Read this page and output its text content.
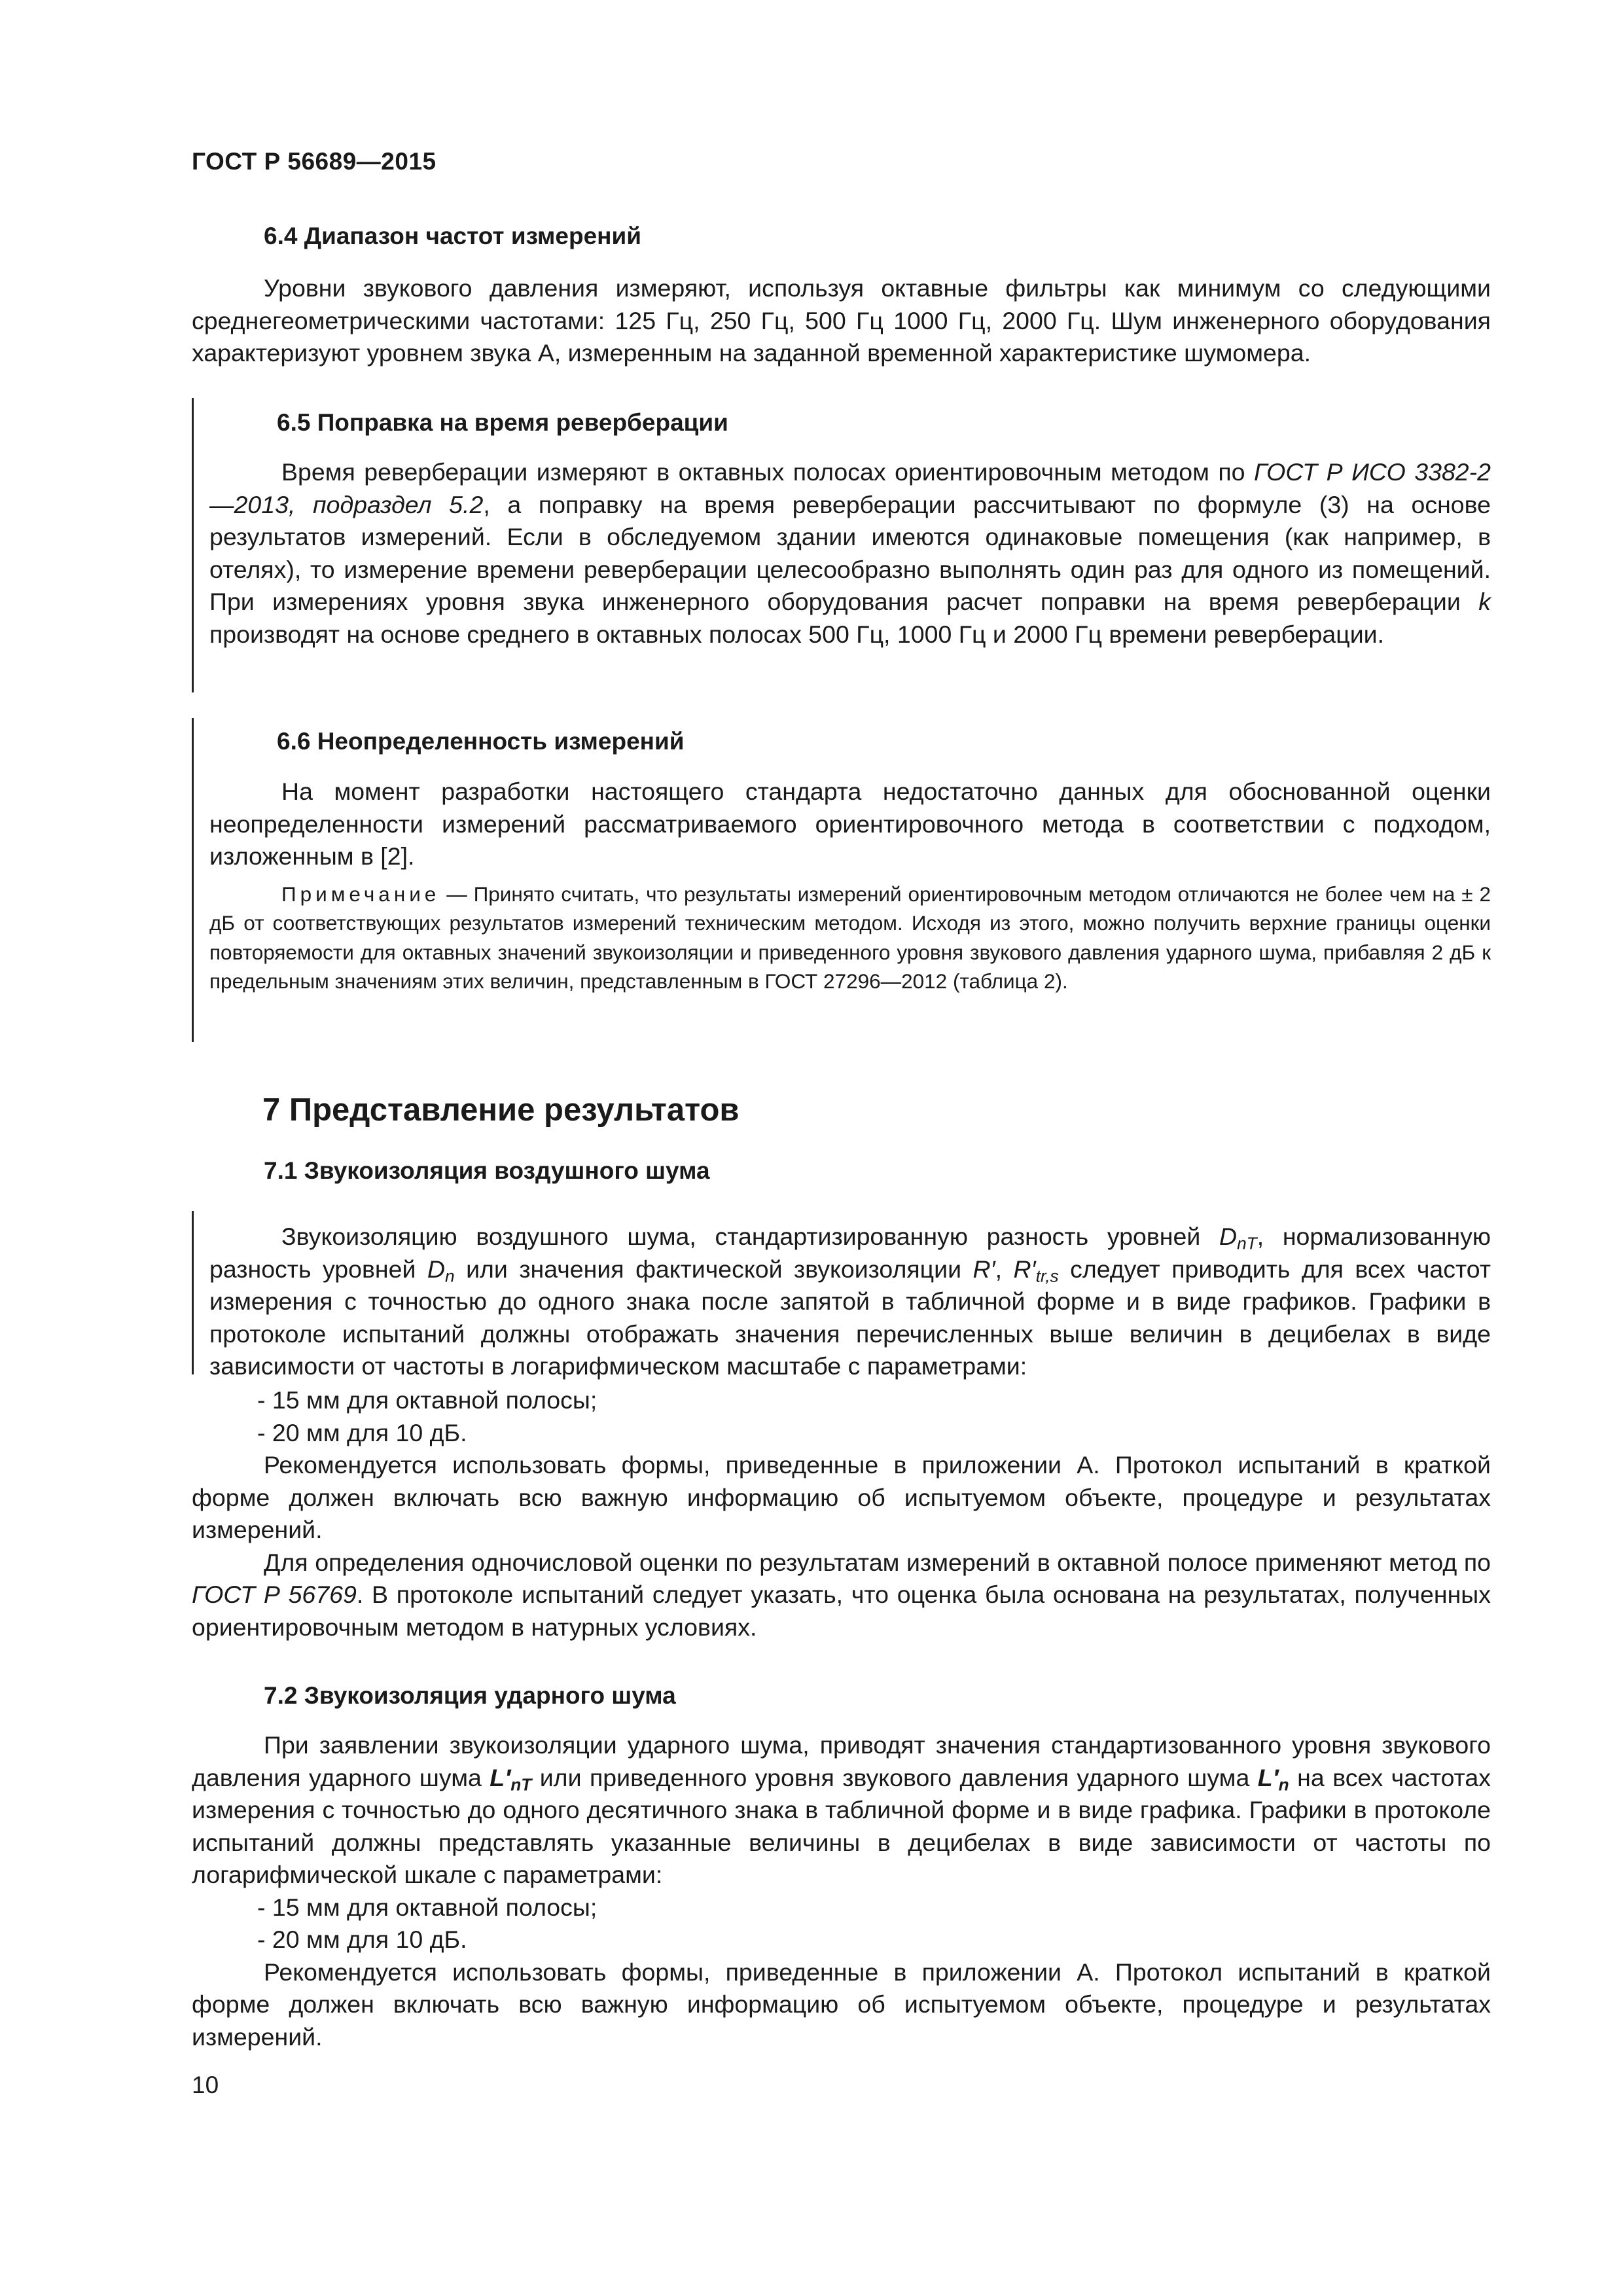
ГОСТ Р 56689—2015
6.4 Диапазон частот измерений

Уровни звукового давления измеряют, используя октавные фильтры как минимум со следующими среднегеометрическими частотами: 125 Гц, 250 Гц, 500 Гц 1000 Гц, 2000 Гц. Шум инженерного оборудования характеризуют уровнем звука А, измеренным на заданной временной характеристике шумомера.

6.5 Поправка на время реверберации

Время реверберации измеряют в октавных полосах ориентировочным методом по ГОСТ Р ИСО 3382-2—2013, подраздел 5.2, а поправку на время реверберации рассчитывают по формуле (3) на основе результатов измерений. Если в обследуемом здании имеются одинаковые помещения (как например, в отелях), то измерение времени реверберации целесообразно выполнять один раз для одного из помещений. При измерениях уровня звука инженерного оборудования расчет поправки на время реверберации k производят на основе среднего в октавных полосах 500 Гц, 1000 Гц и 2000 Гц времени реверберации.

6.6 Неопределенность измерений

На момент разработки настоящего стандарта недостаточно данных для обоснованной оценки неопределенности измерений рассматриваемого ориентировочного метода в соответствии с подходом, изложенным в [2].

Примечание — Принято считать, что результаты измерений ориентировочным методом отличаются не более чем на ± 2 дБ от соответствующих результатов измерений техническим методом. Исходя из этого, можно получить верхние границы оценки повторяемости для октавных значений звукоизоляции и приведенного уровня звукового давления ударного шума, прибавляя 2 дБ к предельным значениям этих величин, представленным в ГОСТ 27296—2012 (таблица 2).

7 Представление результатов
7.1 Звукоизоляция воздушного шума

Звукоизоляцию воздушного шума, стандартизированную разность уровней $D_{nT}$, нормализованную разность уровней $D_n$ или значения фактической звукоизоляции R′, $R'_{tr,s}$ следует приводить для всех частот измерения с точностью до одного знака после запятой в табличной форме и в виде графиков. Графики в протоколе испытаний должны отображать значения перечисленных выше величин в децибелах в виде зависимости от частоты в логарифмическом масштабе с параметрами:

- 15 мм для октавной полосы;
- 20 мм для 10 дБ.

Рекомендуется использовать формы, приведенные в приложении А. Протокол испытаний в краткой форме должен включать всю важную информацию об испытуемом объекте, процедуре и результатах измерений.

Для определения одночисловой оценки по результатам измерений в октавной полосе применяют метод по ГОСТ Р 56769. В протоколе испытаний следует указать, что оценка была основана на результатах, полученных ориентировочным методом в натурных условиях.

7.2 Звукоизоляция ударного шума

При заявлении звукоизоляции ударного шума, приводят значения стандартизованного уровня звукового давления ударного шума $L'_{nT}$ или приведенного уровня звукового давления ударного шума $L'_n$ на всех частотах измерения с точностью до одного десятичного знака в табличной форме и в виде графика. Графики в протоколе испытаний должны представлять указанные величины в децибелах в виде зависимости от частоты по логарифмической шкале с параметрами:

- 15 мм для октавной полосы;
- 20 мм для 10 дБ.

Рекомендуется использовать формы, приведенные в приложении А. Протокол испытаний в краткой форме должен включать всю важную информацию об испытуемом объекте, процедуре и результатах измерений.

10
